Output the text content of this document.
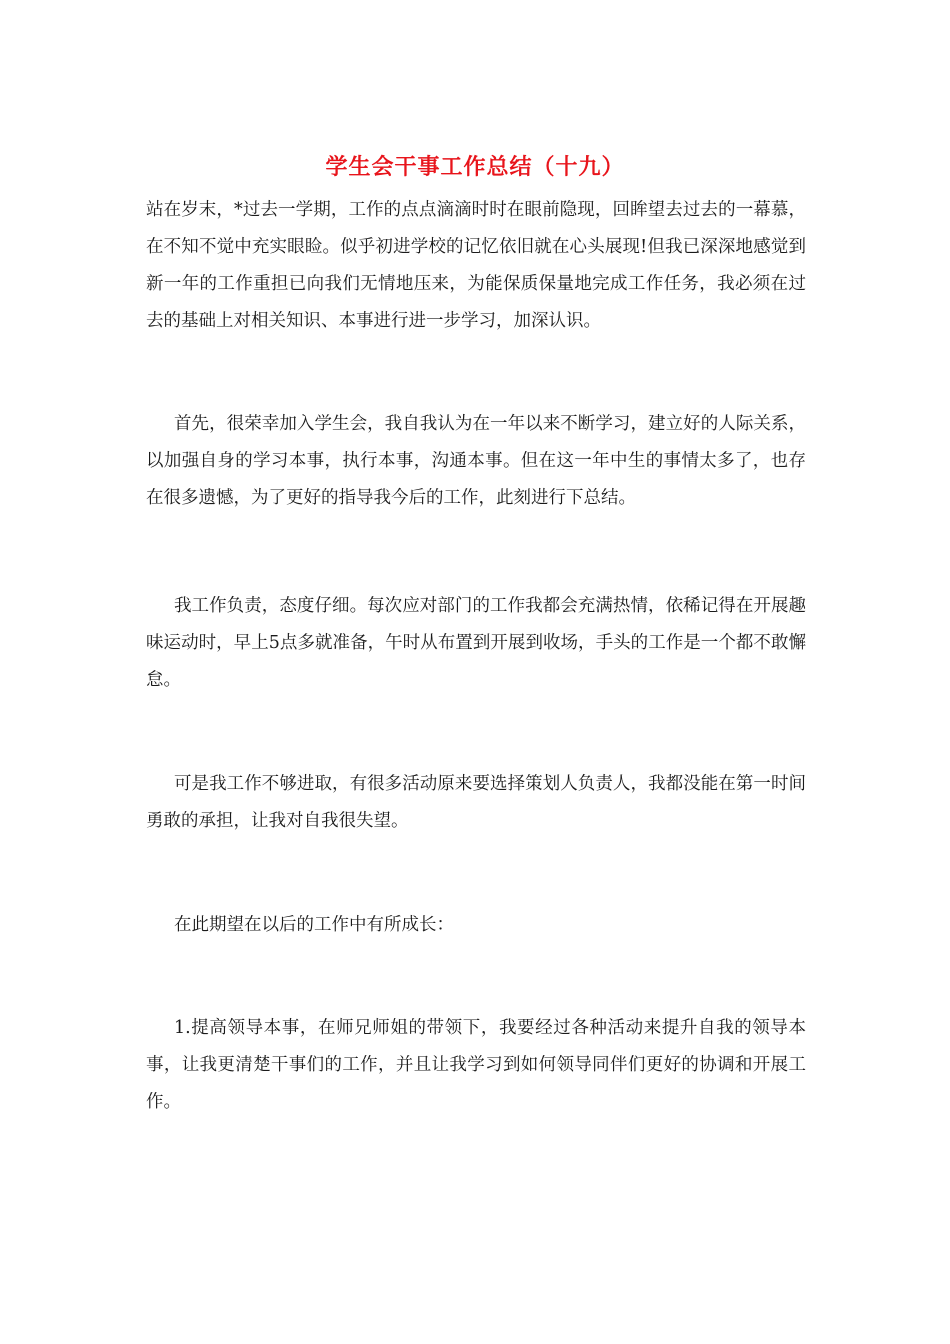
学生会干事工作总结（十九）

站在岁末，*过去一学期，工作的点点滴滴时时在眼前隐现，回眸望去过去的一幕慕，在不知不觉中充实眼睑。似乎初进学校的记忆依旧就在心头展现!但我已深深地感觉到新一年的工作重担已向我们无情地压来，为能保质保量地完成工作任务，我必须在过去的基础上对相关知识、本事进行进一步学习，加深认识。

首先，很荣幸加入学生会，我自我认为在一年以来不断学习，建立好的人际关系，以加强自身的学习本事，执行本事，沟通本事。但在这一年中生的事情太多了，也存在很多遗憾，为了更好的指导我今后的工作，此刻进行下总结。

我工作负责，态度仔细。每次应对部门的工作我都会充满热情，依稀记得在开展趣味运动时，早上5点多就准备，午时从布置到开展到收场，手头的工作是一个都不敢懈怠。

可是我工作不够进取，有很多活动原来要选择策划人负责人，我都没能在第一时间勇敢的承担，让我对自我很失望。

在此期望在以后的工作中有所成长：

1.提高领导本事，在师兄师姐的带领下，我要经过各种活动来提升自我的领导本事，让我更清楚干事们的工作，并且让我学习到如何领导同伴们更好的协调和开展工作。
